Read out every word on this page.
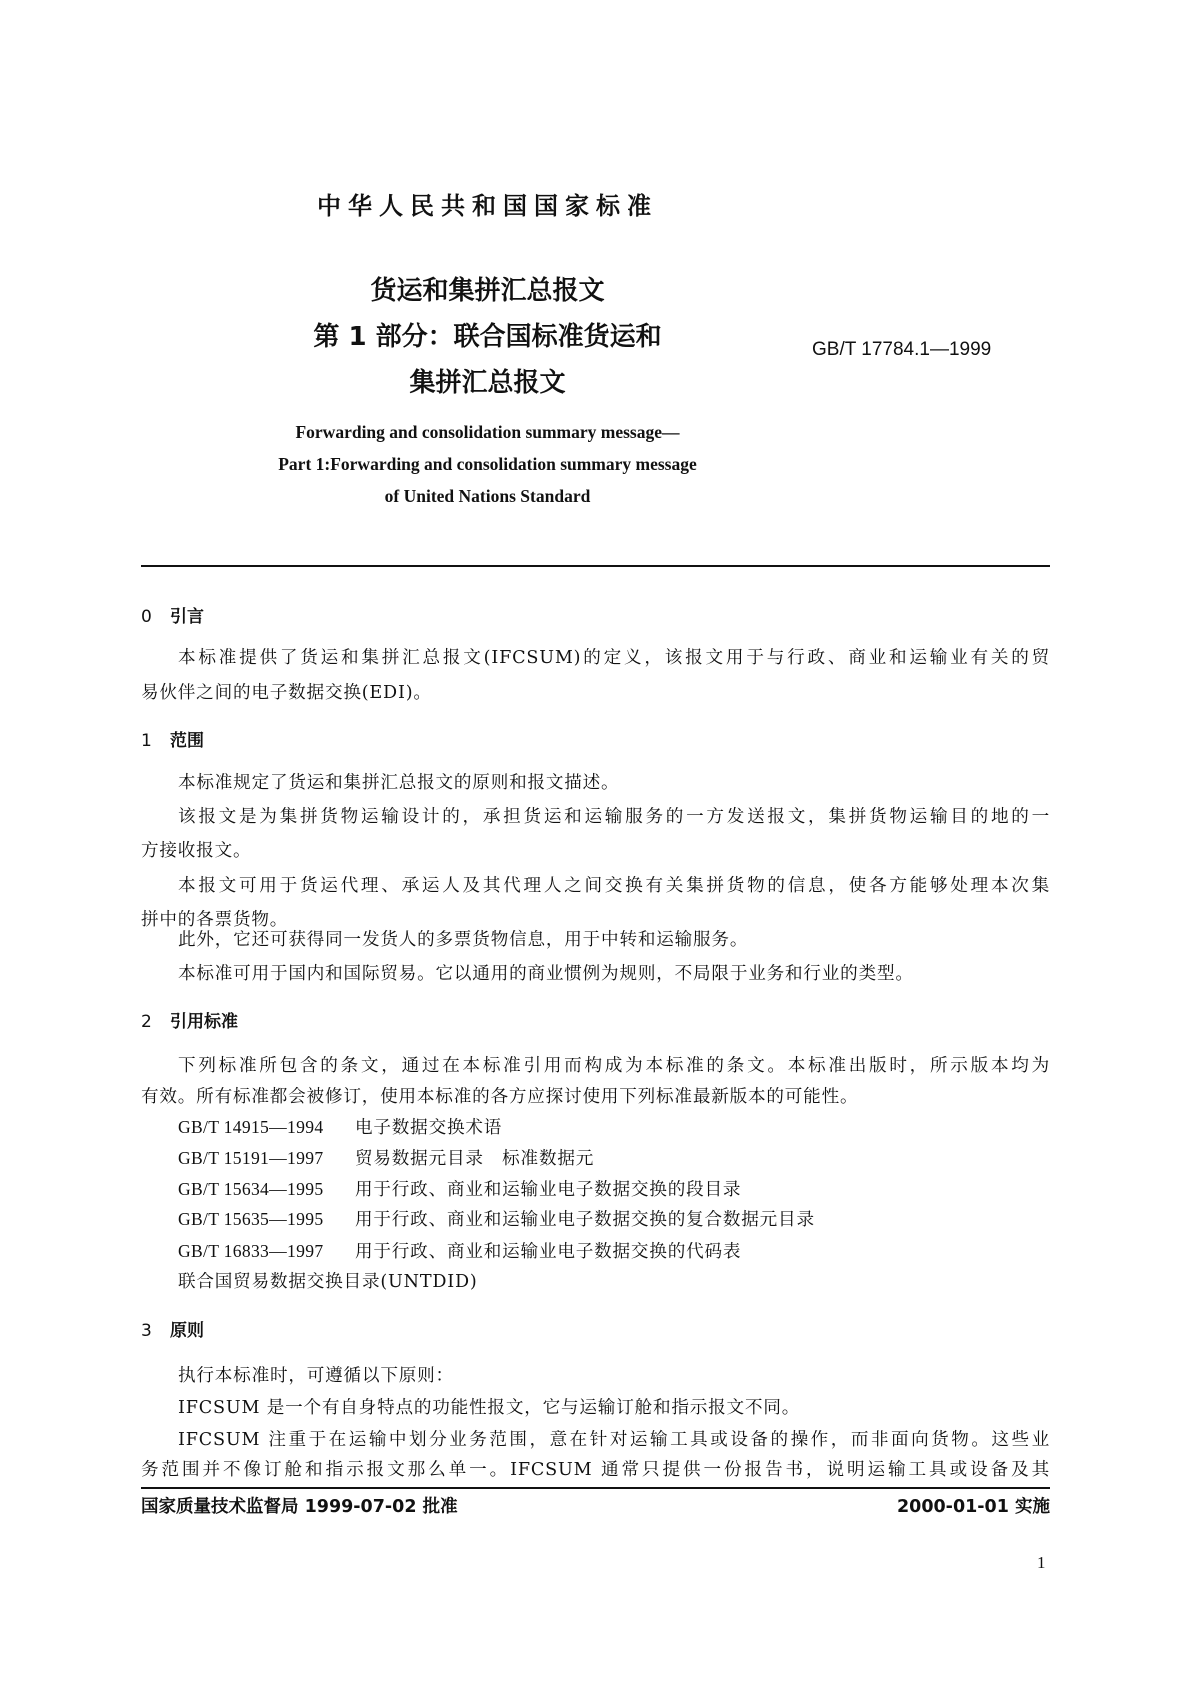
中华人民共和国国家标准
货运和集拼汇总报文
第 1 部分：联合国标准货运和
集拼汇总报文
GB/T 17784.1—1999
Forwarding and consolidation summary message—
Part 1:Forwarding and consolidation summary message
of United Nations Standard
0 引言
本标准提供了货运和集拼汇总报文(IFCSUM)的定义，该报文用于与行政、商业和运输业有关的贸
易伙伴之间的电子数据交换(EDI)。
1 范围
本标准规定了货运和集拼汇总报文的原则和报文描述。
该报文是为集拼货物运输设计的，承担货运和运输服务的一方发送报文，集拼货物运输目的地的一
方接收报文。
本报文可用于货运代理、承运人及其代理人之间交换有关集拼货物的信息，使各方能够处理本次集
拼中的各票货物。
此外，它还可获得同一发货人的多票货物信息，用于中转和运输服务。
本标准可用于国内和国际贸易。它以通用的商业惯例为规则，不局限于业务和行业的类型。
2 引用标准
下列标准所包含的条文，通过在本标准引用而构成为本标准的条文。本标准出版时，所示版本均为
有效。所有标准都会被修订，使用本标准的各方应探讨使用下列标准最新版本的可能性。
GB/T 14915—1994 电子数据交换术语
GB/T 15191—1997 贸易数据元目录　标准数据元
GB/T 15634—1995 用于行政、商业和运输业电子数据交换的段目录
GB/T 15635—1995 用于行政、商业和运输业电子数据交换的复合数据元目录
GB/T 16833—1997 用于行政、商业和运输业电子数据交换的代码表
联合国贸易数据交换目录(UNTDID)
3 原则
执行本标准时，可遵循以下原则：
IFCSUM 是一个有自身特点的功能性报文，它与运输订舱和指示报文不同。
IFCSUM 注重于在运输中划分业务范围，意在针对运输工具或设备的操作，而非面向货物。这些业
务范围并不像订舱和指示报文那么单一。IFCSUM 通常只提供一份报告书，说明运输工具或设备及其
国家质量技术监督局 1999-07-02 批准	2000-01-01 实施
1
